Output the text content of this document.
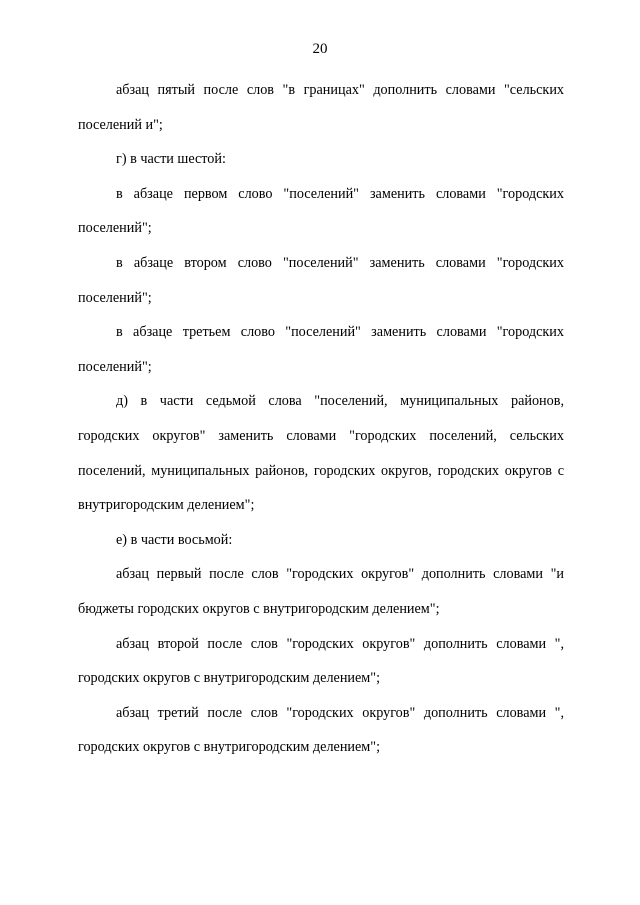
20

абзац пятый после слов "в границах" дополнить словами "сельских поселений и";

г) в части шестой:

в абзаце первом слово "поселений" заменить словами "городских поселений";

в абзаце втором слово "поселений" заменить словами "городских поселений";

в абзаце третьем слово "поселений" заменить словами "городских поселений";

д) в части седьмой слова "поселений, муниципальных районов, городских округов" заменить словами "городских поселений, сельских поселений, муниципальных районов, городских округов, городских округов с внутригородским делением";

е) в части восьмой:

абзац первый после слов "городских округов" дополнить словами "и бюджеты городских округов с внутригородским делением";

абзац второй после слов "городских округов" дополнить словами ", городских округов с внутригородским делением";

абзац третий после слов "городских округов" дополнить словами ", городских округов с внутригородским делением";
